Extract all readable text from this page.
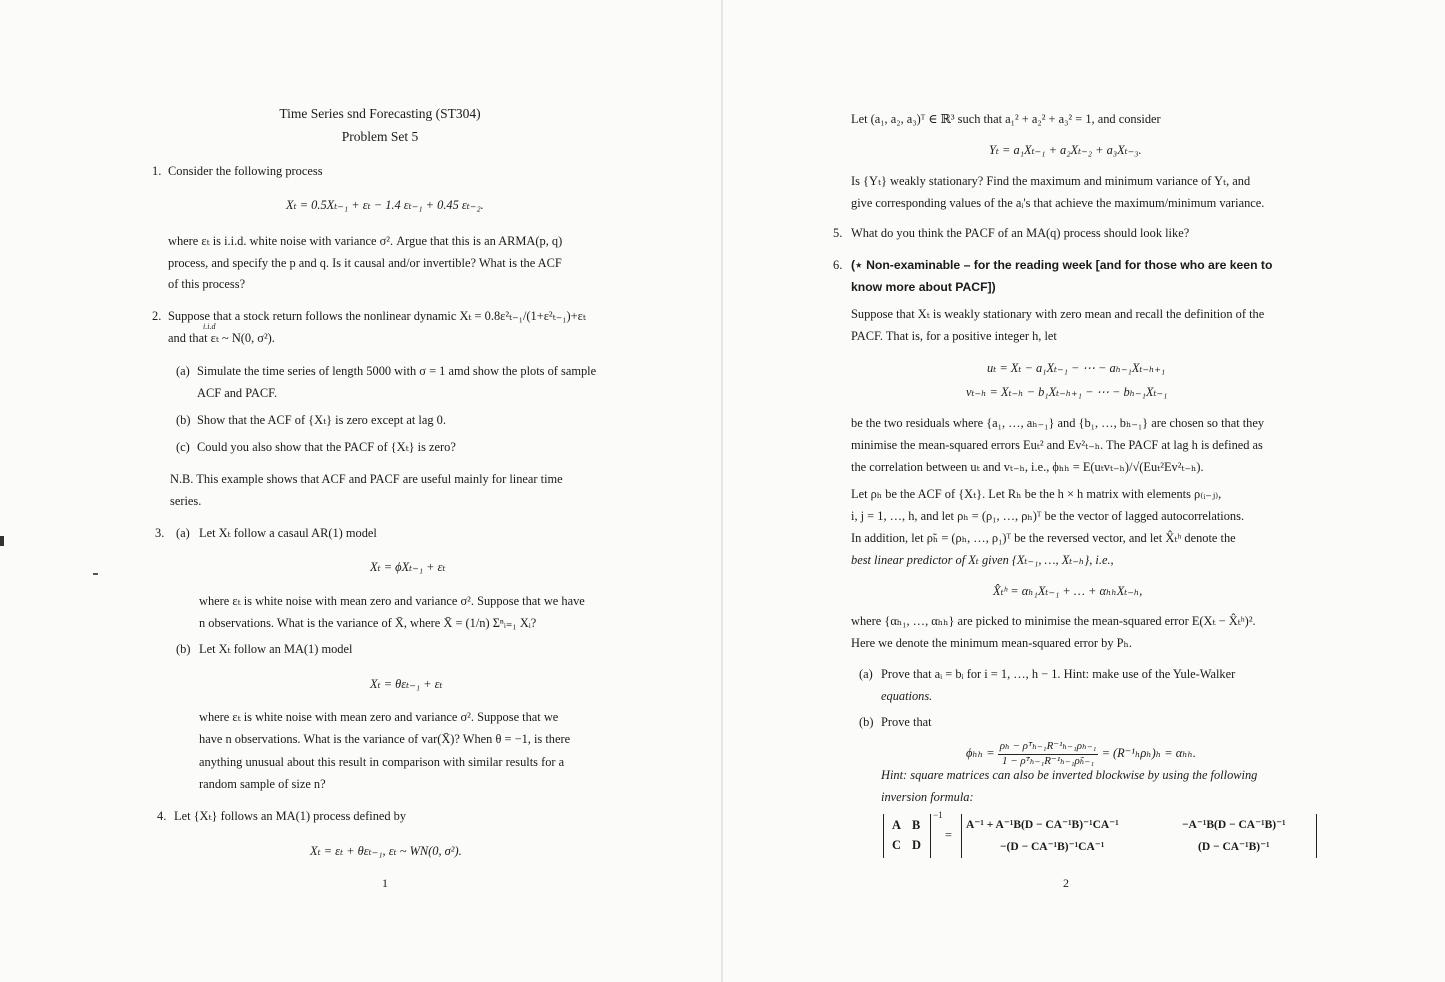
Time Series snd Forecasting (ST304)
Problem Set 5
1. Consider the following process
Xₜ = 0.5Xₜ₋₁ + εₜ − 1.4 εₜ₋₁ + 0.45 εₜ₋₂.
where εₜ is i.i.d. white noise with variance σ². Argue that this is an ARMA(p, q)
process, and specify the p and q. Is it causal and/or invertible? What is the ACF
of this process?
2. Suppose that a stock return follows the nonlinear dynamic Xₜ = 0.8ε²ₜ₋₁/(1+ε²ₜ₋₁)+εₜ
and that εₜ ~ N(0, σ²).
i.i.d
(a) Simulate the time series of length 5000 with σ = 1 amd show the plots of sample
ACF and PACF.
(b) Show that the ACF of {Xₜ} is zero except at lag 0.
(c) Could you also show that the PACF of {Xₜ} is zero?
N.B. This example shows that ACF and PACF are useful mainly for linear time
series.
3. (a) Let Xₜ follow a casaul AR(1) model
Xₜ = ϕXₜ₋₁ + εₜ
where εₜ is white noise with mean zero and variance σ². Suppose that we have
n observations. What is the variance of X̄, where X̄ = (1/n) Σⁿᵢ₌₁ Xᵢ?
(b) Let Xₜ follow an MA(1) model
Xₜ = θεₜ₋₁ + εₜ
where εₜ is white noise with mean zero and variance σ². Suppose that we
have n observations. What is the variance of var(X̄)? When θ = −1, is there
anything unusual about this result in comparison with similar results for a
random sample of size n?
4. Let {Xₜ} follows an MA(1) process defined by
Xₜ = εₜ + θεₜ₋₁, εₜ ~ WN(0, σ²).
1
Let (a₁, a₂, a₃)ᵀ ∈ ℝ³ such that a₁² + a₂² + a₃² = 1, and consider
Yₜ = a₁Xₜ₋₁ + a₂Xₜ₋₂ + a₃Xₜ₋₃.
Is {Yₜ} weakly stationary? Find the maximum and minimum variance of Yₜ, and
give corresponding values of the aᵢ's that achieve the maximum/minimum variance.
5. What do you think the PACF of an MA(q) process should look like?
6. (⋆ Non-examinable – for the reading week [and for those who are keen to
know more about PACF])
Suppose that Xₜ is weakly stationary with zero mean and recall the definition of the
PACF. That is, for a positive integer h, let
uₜ = Xₜ − a₁Xₜ₋₁ − ⋯ − aₕ₋₁Xₜ₋ₕ₊₁
vₜ₋ₕ = Xₜ₋ₕ − b₁Xₜ₋ₕ₊₁ − ⋯ − bₕ₋₁Xₜ₋₁
be the two residuals where {a₁, …, aₕ₋₁} and {b₁, …, bₕ₋₁} are chosen so that they
minimise the mean-squared errors Euₜ² and Ev²ₜ₋ₕ. The PACF at lag h is defined as
the correlation between uₜ and vₜ₋ₕ, i.e., ϕₕₕ = E(uₜvₜ₋ₕ)/√(Euₜ²Ev²ₜ₋ₕ).
Let ρₕ be the ACF of {Xₜ}. Let Rₕ be the h × h matrix with elements ρ₍ᵢ₋ⱼ₎,
i, j = 1, …, h, and let ρₕ = (ρ₁, …, ρₕ)ᵀ be the vector of lagged autocorrelations.
In addition, let ρ̃ₕ = (ρₕ, …, ρ₁)ᵀ be the reversed vector, and let X̂ₜʰ denote the
best linear predictor of Xₜ given {Xₜ₋₁, …, Xₜ₋ₕ}, i.e.,
X̂ₜʰ = αₕ₁Xₜ₋₁ + … + αₕₕXₜ₋ₕ,
where {αₕ₁, …, αₕₕ} are picked to minimise the mean-squared error E(Xₜ − X̂ₜʰ)².
Here we denote the minimum mean-squared error by Pₕ.
(a) Prove that aᵢ = bᵢ for i = 1, …, h − 1. Hint: make use of the Yule-Walker
equations.
(b) Prove that
$\phi_{hh} = \frac{\text{ρₕ − ρ̃ᵀₕ₋₁R⁻¹ₕ₋₁ρₕ₋₁}}{\text{1 − ρ̃ᵀₕ₋₁R⁻¹ₕ₋₁ρ̃ₕ₋₁}} = (R^{-1}_h\rho_h)_h = \alpha_{hh}$.
Hint: square matrices can also be inverted blockwise by using the following
inversion formula:
A B
C D
−1
=
A⁻¹ + A⁻¹B(D − CA⁻¹B)⁻¹CA⁻¹	−A⁻¹B(D − CA⁻¹B)⁻¹
−(D − CA⁻¹B)⁻¹CA⁻¹	(D − CA⁻¹B)⁻¹
2
